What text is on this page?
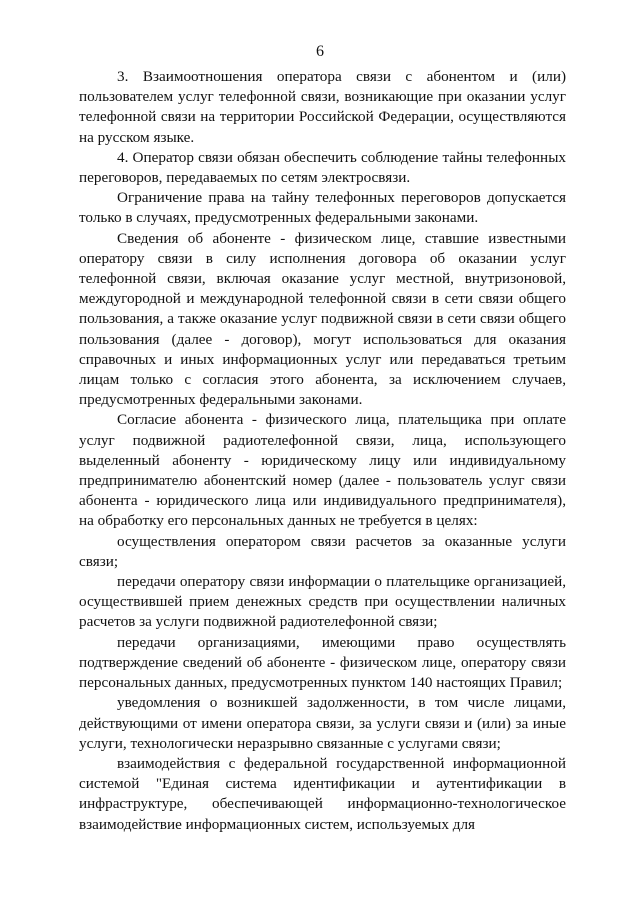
6

3. Взаимоотношения оператора связи с абонентом и (или) пользователем услуг телефонной связи, возникающие при оказании услуг телефонной связи на территории Российской Федерации, осуществляются на русском языке.

4. Оператор связи обязан обеспечить соблюдение тайны телефонных переговоров, передаваемых по сетям электросвязи.

Ограничение права на тайну телефонных переговоров допускается только в случаях, предусмотренных федеральными законами.

Сведения об абоненте - физическом лице, ставшие известными оператору связи в силу исполнения договора об оказании услуг телефонной связи, включая оказание услуг местной, внутризоновой, междугородной и международной телефонной связи в сети связи общего пользования, а также оказание услуг подвижной связи в сети связи общего пользования (далее - договор), могут использоваться для оказания справочных и иных информационных услуг или передаваться третьим лицам только с согласия этого абонента, за исключением случаев, предусмотренных федеральными законами.

Согласие абонента - физического лица, плательщика при оплате услуг подвижной радиотелефонной связи, лица, использующего выделенный абоненту - юридическому лицу или индивидуальному предпринимателю абонентский номер (далее - пользователь услуг связи абонента - юридического лица или индивидуального предпринимателя), на обработку его персональных данных не требуется в целях:

осуществления оператором связи расчетов за оказанные услуги связи;

передачи оператору связи информации о плательщике организацией, осуществившей прием денежных средств при осуществлении наличных расчетов за услуги подвижной радиотелефонной связи;

передачи организациями, имеющими право осуществлять подтверждение сведений об абоненте - физическом лице, оператору связи персональных данных, предусмотренных пунктом 140 настоящих Правил;

уведомления о возникшей задолженности, в том числе лицами, действующими от имени оператора связи, за услуги связи и (или) за иные услуги, технологически неразрывно связанные с услугами связи;

взаимодействия с федеральной государственной информационной системой "Единая система идентификации и аутентификации в инфраструктуре, обеспечивающей информационно-технологическое взаимодействие информационных систем, используемых для
